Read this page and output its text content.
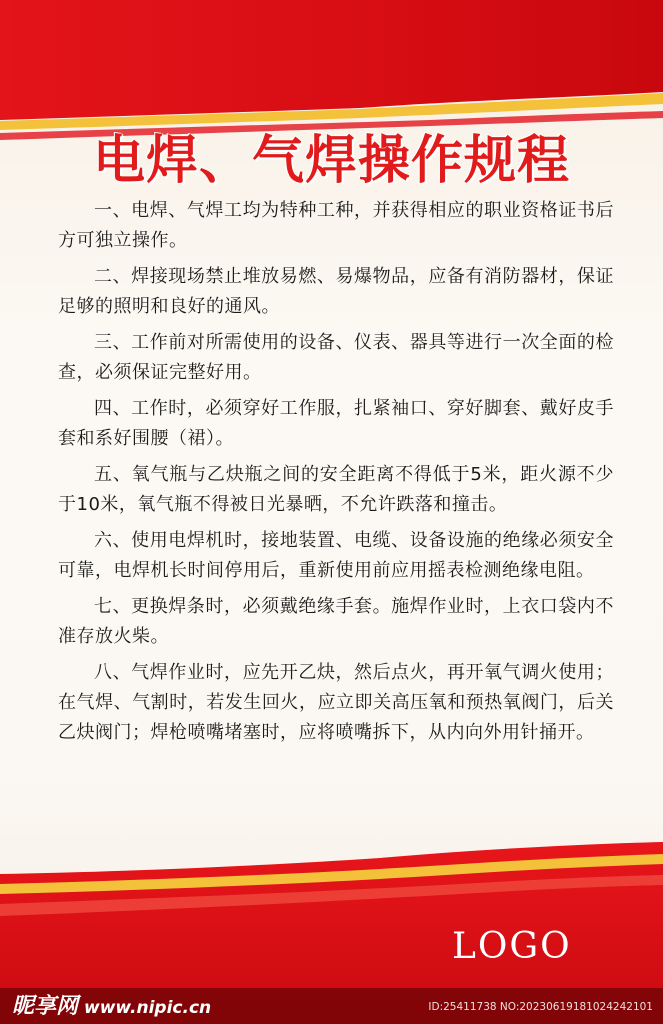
电焊、气焊操作规程

一、电焊、气焊工均为特种工种，并获得相应的职业资格证书后方可独立操作。

二、焊接现场禁止堆放易燃、易爆物品，应备有消防器材，保证足够的照明和良好的通风。

三、工作前对所需使用的设备、仪表、器具等进行一次全面的检查，必须保证完整好用。

四、工作时，必须穿好工作服，扎紧袖口、穿好脚套、戴好皮手套和系好围腰（裙）。

五、氧气瓶与乙炔瓶之间的安全距离不得低于5米，距火源不少于10米，氧气瓶不得被日光暴晒，不允许跌落和撞击。

六、使用电焊机时，接地装置、电缆、设备设施的绝缘必须安全可靠，电焊机长时间停用后，重新使用前应用摇表检测绝缘电阻。

七、更换焊条时，必须戴绝缘手套。施焊作业时，上衣口袋内不准存放火柴。

八、气焊作业时，应先开乙炔，然后点火，再开氧气调火使用；在气焊、气割时，若发生回火，应立即关高压氧和预热氧阀门，后关乙炔阀门；焊枪喷嘴堵塞时，应将喷嘴拆下，从内向外用针捅开。

LOGO
昵享网 www.nipic.cn	ID:25411738 NO:20230619181024242101
